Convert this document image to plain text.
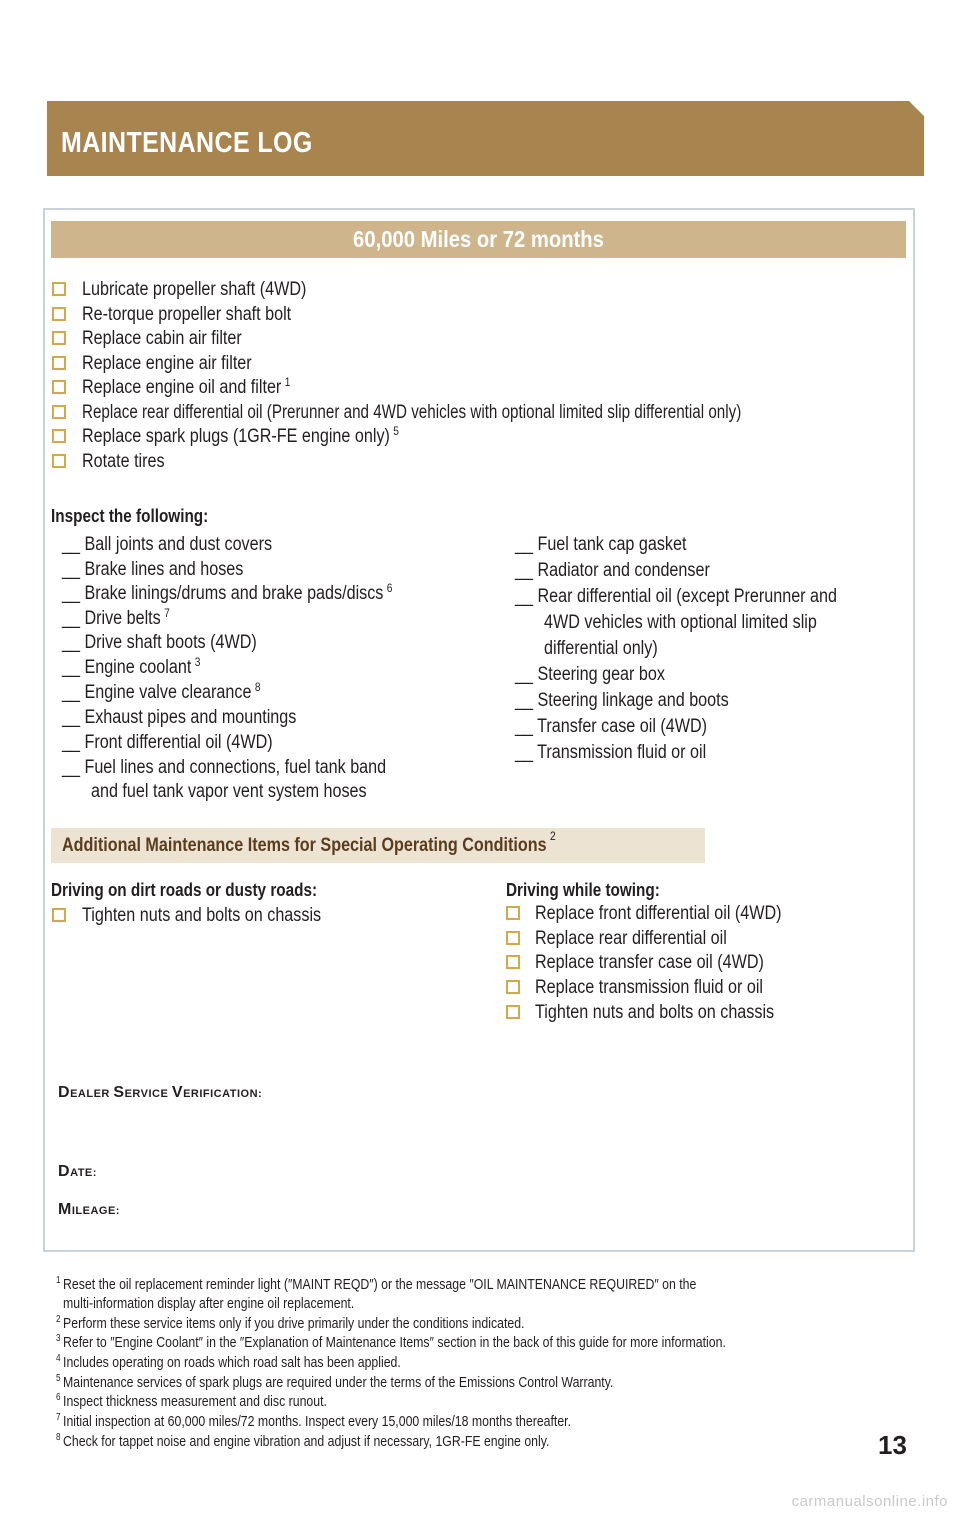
MAINTENANCE LOG
60,000 Miles or 72 months
Lubricate propeller shaft (4WD)
Re-torque propeller shaft bolt
Replace cabin air filter
Replace engine air filter
Replace engine oil and filter $^1$
Replace rear differential oil (Prerunner and 4WD vehicles with optional limited slip differential only)
Replace spark plugs (1GR-FE engine only) $^5$
Rotate tires
Inspect the following:
__ Ball joints and dust covers
__ Brake lines and hoses
__ Brake linings/drums and brake pads/discs $^6$
__ Drive belts $^7$
__ Drive shaft boots (4WD)
__ Engine coolant $^3$
__ Engine valve clearance $^8$
__ Exhaust pipes and mountings
__ Front differential oil (4WD)
__ Fuel lines and connections, fuel tank band
and fuel tank vapor vent system hoses
__ Fuel tank cap gasket
__ Radiator and condenser
__ Rear differential oil (except Prerunner and
4WD vehicles with optional limited slip
differential only)
__ Steering gear box
__ Steering linkage and boots
__ Transfer case oil (4WD)
__ Transmission fluid or oil
Additional Maintenance Items for Special Operating Conditions $^2$
Driving on dirt roads or dusty roads:
Tighten nuts and bolts on chassis
Driving while towing:
Replace front differential oil (4WD)
Replace rear differential oil
Replace transfer case oil (4WD)
Replace transmission fluid or oil
Tighten nuts and bolts on chassis
DEALER SERVICE VERIFICATION:
DATE:
MILEAGE:
$^1$ Reset the oil replacement reminder light (″MAINT REQD″) or the message ″OIL MAINTENANCE REQUIRED″ on the
multi-information display after engine oil replacement.
$^2$ Perform these service items only if you drive primarily under the conditions indicated.
$^3$ Refer to ″Engine Coolant″ in the ″Explanation of Maintenance Items″ section in the back of this guide for more information.
$^4$ Includes operating on roads which road salt has been applied.
$^5$ Maintenance services of spark plugs are required under the terms of the Emissions Control Warranty.
$^6$ Inspect thickness measurement and disc runout.
$^7$ Initial inspection at 60,000 miles/72 months. Inspect every 15,000 miles/18 months thereafter.
$^8$ Check for tappet noise and engine vibration and adjust if necessary, 1GR-FE engine only.	13
carmanualsonline.info
